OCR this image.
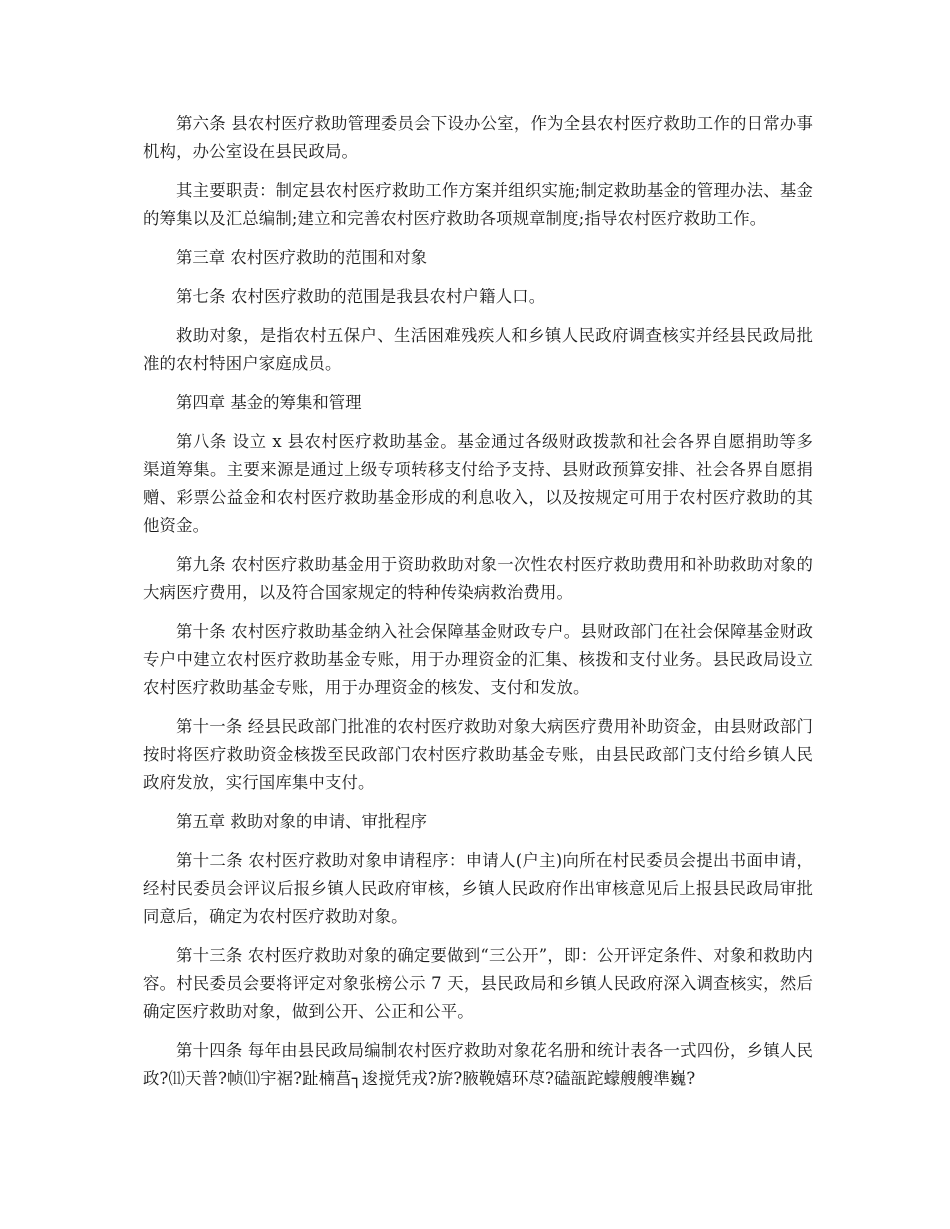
第六条 县农村医疗救助管理委员会下设办公室，作为全县农村医疗救助工作的日常办事机构，办公室设在县民政局。

其主要职责：制定县农村医疗救助工作方案并组织实施;制定救助基金的管理办法、基金的筹集以及汇总编制;建立和完善农村医疗救助各项规章制度;指导农村医疗救助工作。

第三章 农村医疗救助的范围和对象

第七条 农村医疗救助的范围是我县农村户籍人口。

救助对象，是指农村五保户、生活困难残疾人和乡镇人民政府调查核实并经县民政局批准的农村特困户家庭成员。

第四章 基金的筹集和管理

第八条 设立 x 县农村医疗救助基金。基金通过各级财政拨款和社会各界自愿捐助等多渠道筹集。主要来源是通过上级专项转移支付给予支持、县财政预算安排、社会各界自愿捐赠、彩票公益金和农村医疗救助基金形成的利息收入，以及按规定可用于农村医疗救助的其他资金。

第九条 农村医疗救助基金用于资助救助对象一次性农村医疗救助费用和补助救助对象的大病医疗费用，以及符合国家规定的特种传染病救治费用。

第十条 农村医疗救助基金纳入社会保障基金财政专户。县财政部门在社会保障基金财政专户中建立农村医疗救助基金专账，用于办理资金的汇集、核拨和支付业务。县民政局设立农村医疗救助基金专账，用于办理资金的核发、支付和发放。

第十一条 经县民政部门批准的农村医疗救助对象大病医疗费用补助资金，由县财政部门按时将医疗救助资金核拨至民政部门农村医疗救助基金专账，由县民政部门支付给乡镇人民政府发放，实行国库集中支付。

第五章 救助对象的申请、审批程序

第十二条 农村医疗救助对象申请程序：申请人(户主)向所在村民委员会提出书面申请，经村民委员会评议后报乡镇人民政府审核，乡镇人民政府作出审核意见后上报县民政局审批同意后，确定为农村医疗救助对象。

第十三条 农村医疗救助对象的确定要做到“三公开”，即：公开评定条件、对象和救助内容。村民委员会要将评定对象张榜公示 7 天，县民政局和乡镇人民政府深入调查核实，然后确定医疗救助对象，做到公开、公正和公平。

第十四条 每年由县民政局编制农村医疗救助对象花名册和统计表各一式四份，乡镇人民政?⑾天普?帧⑾宇裾?趾楠菖┐逡搅凭戎?旂?腋鞔嬉环荩?磕瓿跎蠓艘艘凖巍?
